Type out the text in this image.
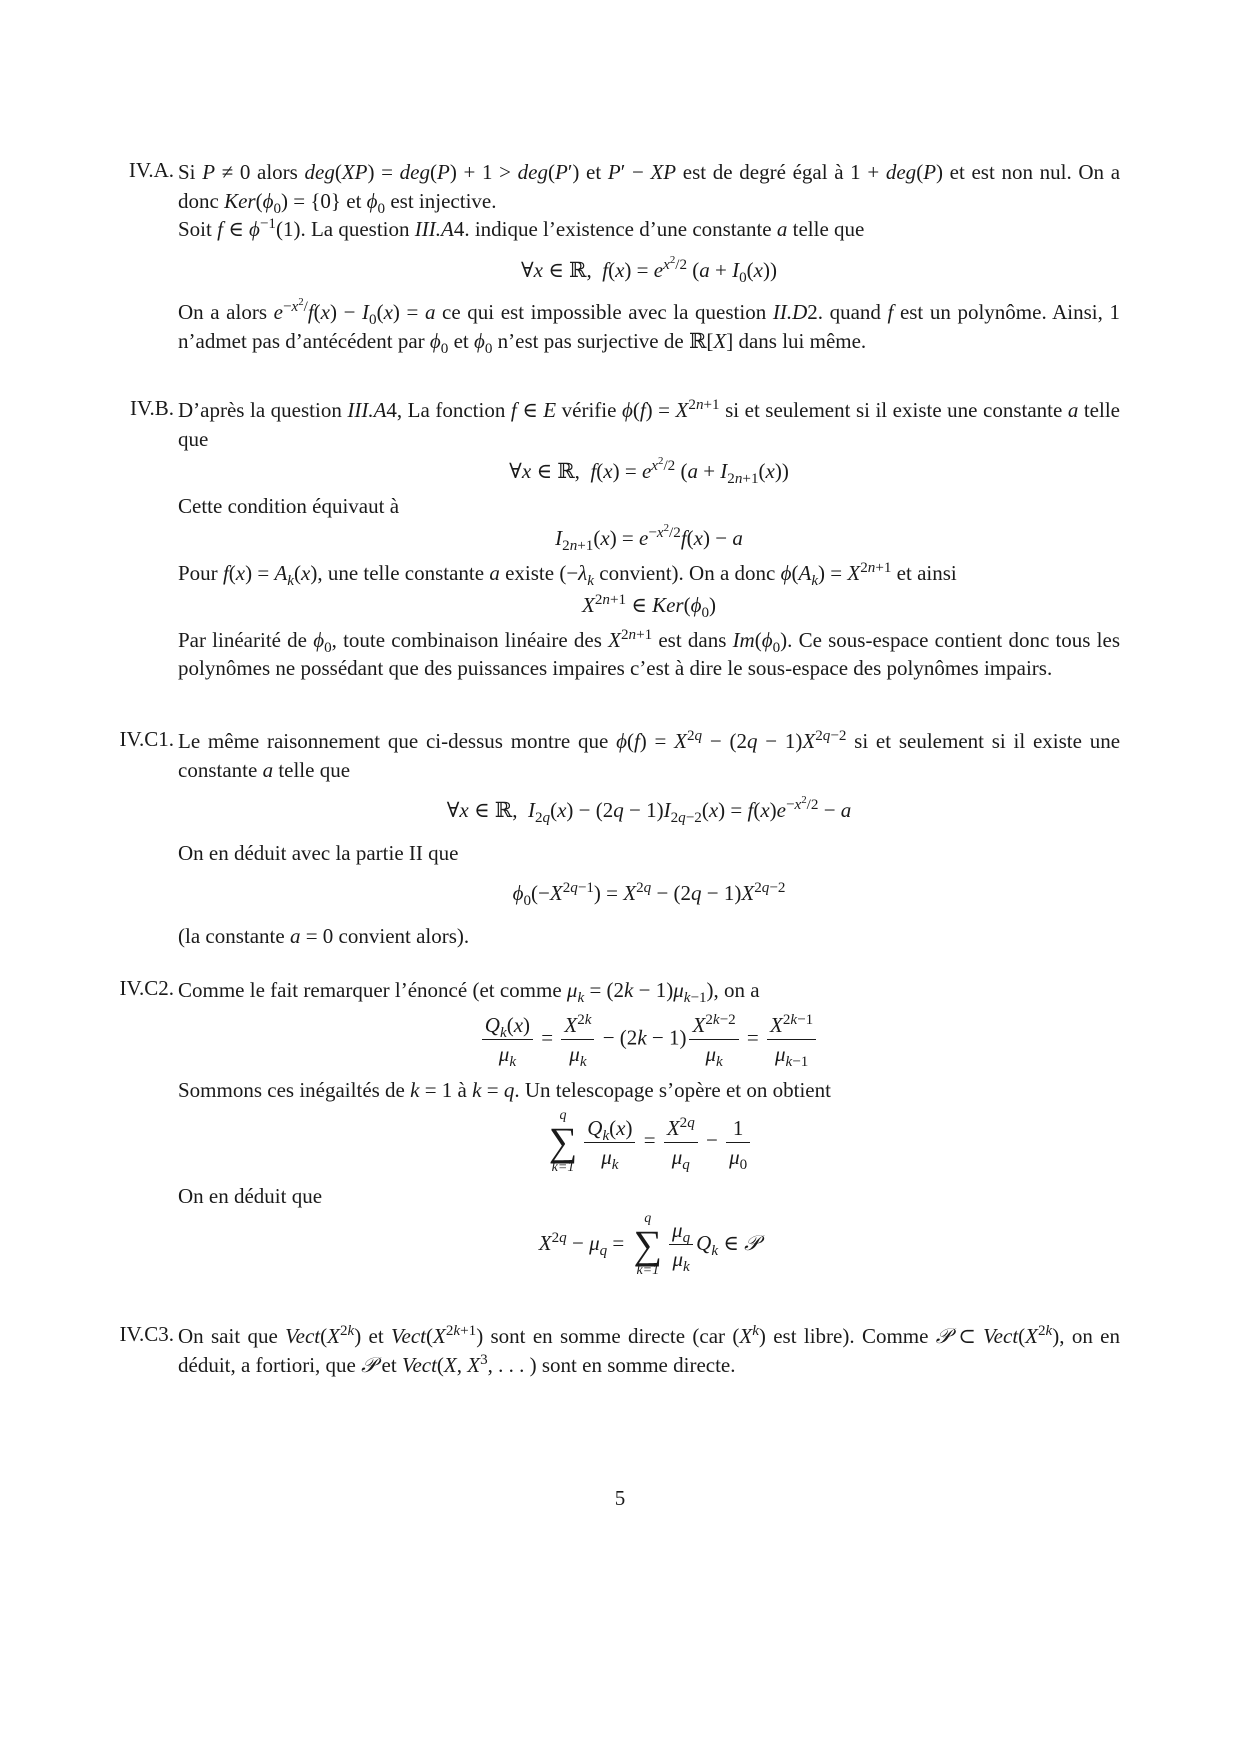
IV.A. Si P ≠ 0 alors deg(XP) = deg(P) + 1 > deg(P′) et P′ − XP est de degré égal à 1 + deg(P) et est non nul. On a donc $Ker(\phi_0) = \{0\}$ et $\phi_0$ est injective.

Soit f ∈ $\phi^{-1}(1)$. La question III.A4. indique l’existence d’une constante a telle que

∀x ∈ ℝ,  $f(x) = e^{x^2/2}$ $(a + I_0(x))$

On a alors $e^{-x^2/}f(x) - I_0(x) = a$ ce qui est impossible avec la question II.D2. quand f est un polynôme. Ainsi, 1 n’admet pas d’antécédent par $\phi_0$ et $\phi_0$ n’est pas surjective de ℝ[X] dans lui même.

IV.B. D’après la question III.A4, La fonction f ∈ E vérifie $\phi(f) = X^{2n+1}$ si et seulement si il existe une constante a telle que

∀x ∈ ℝ,  $f(x) = e^{x^2/2}$ $(a + I_{2n+1}(x))$

Cette condition équivaut à

$I_{2n+1}(x) = e^{-x^2/2}f(x) - a$

Pour $f(x) = A_k(x)$, une telle constante a existe ($-\lambda_k$ convient). On a donc $\phi(A_k) = X^{2n+1}$ et ainsi

$X^{2n+1}$ ∈ $Ker(\phi_0)$

Par linéarité de $\phi_0$, toute combinaison linéaire des $X^{2n+1}$ est dans $Im(\phi_0)$. Ce sous-espace contient donc tous les polynômes ne possédant que des puissances impaires c’est à dire le sous-espace des polynômes impairs.

IV.C1. Le même raisonnement que ci-dessus montre que $\phi(f) = X^{2q} - (2q - 1)X^{2q-2}$ si et seulement si il existe une constante a telle que

∀x ∈ ℝ,  $I_{2q}(x) - (2q - 1)I_{2q-2}(x) = f(x)e^{-x^2/2} - a$

On en déduit avec la partie II que

$\phi_0(-X^{2q-1}) = X^{2q} - (2q - 1)X^{2q-2}$

(la constante a = 0 convient alors).

IV.C2. Comme le fait remarquer l’énoncé (et comme $\mu_k = (2k - 1)\mu_{k-1}$), on a

$\frac{Q_k(x)}{\mu_k} = \frac{X^{2k}}{\mu_k} - (2k - 1) \frac{X^{2k-2}}{\mu_k} = \frac{X^{2k-1}}{\mu_{k-1}}$

Sommons ces inégailtés de k = 1 à k = q. Un telescopage s’opère et on obtient

q
∑
$k=1 \frac{Q_k(x)}{\mu_k} = \frac{X^{2q}}{\mu_q} - \frac{1}{\mu_0}$

On en déduit que

$X^{2q} - \mu_q$ =
q
∑
$k=1 \frac{\mu_q}{\mu_k} Q_k$ ∈ 𝒫
IV.C3. On sait que $Vect(X^{2k})$ et $Vect(X^{2k+1})$ sont en somme directe (car $(X^k)$ est libre). Comme 𝒫 ⊂ $Vect(X^{2k})$, on en déduit, a fortiori, que 𝒫 et Vect(X, $X^3$, . . . ) sont en somme directe.

5
